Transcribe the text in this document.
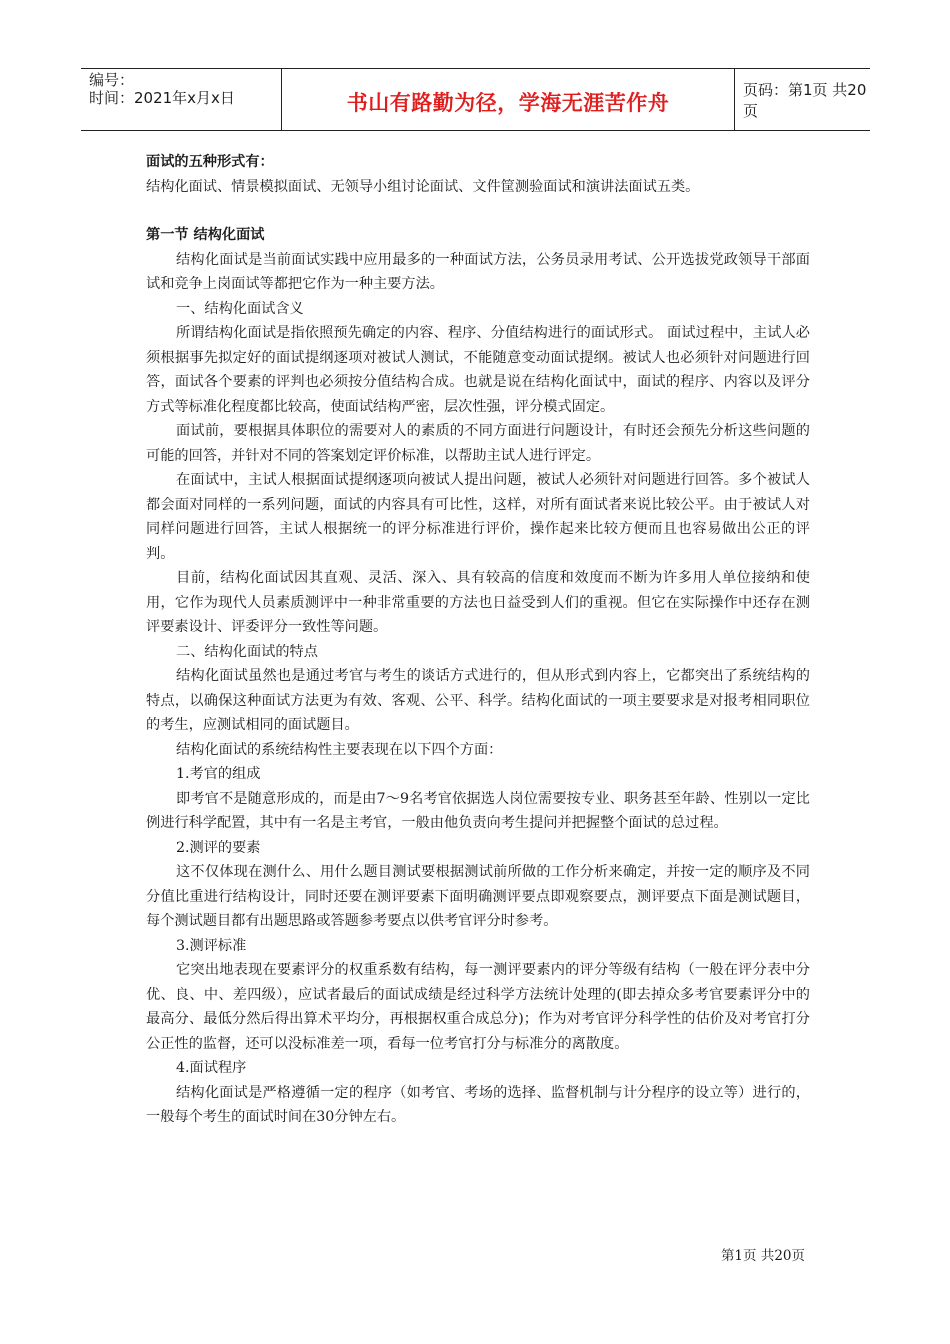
编号：
时间：2021年x月x日	书山有路勤为径，学海无涯苦作舟
页码：第1页 共20页

面试的五种形式有：

结构化面试、情景模拟面试、无领导小组讨论面试、文件筐测验面试和演讲法面试五类。

第一节 结构化面试

结构化面试是当前面试实践中应用最多的一种面试方法，公务员录用考试、公开选拔党政领导干部面试和竞争上岗面试等都把它作为一种主要方法。

一、结构化面试含义

所谓结构化面试是指依照预先确定的内容、程序、分值结构进行的面试形式。 面试过程中，主试人必须根据事先拟定好的面试提纲逐项对被试人测试，不能随意变动面试提纲。被试人也必须针对问题进行回答，面试各个要素的评判也必须按分值结构合成。也就是说在结构化面试中，面试的程序、内容以及评分方式等标准化程度都比较高，使面试结构严密，层次性强，评分模式固定。

面试前，要根据具体职位的需要对人的素质的不同方面进行问题设计，有时还会预先分析这些问题的可能的回答，并针对不同的答案划定评价标准，以帮助主试人进行评定。

在面试中，主试人根据面试提纲逐项向被试人提出问题，被试人必须针对问题进行回答。多个被试人都会面对同样的一系列问题，面试的内容具有可比性，这样，对所有面试者来说比较公平。由于被试人对同样问题进行回答，主试人根据统一的评分标准进行评价，操作起来比较方便而且也容易做出公正的评判。

目前，结构化面试因其直观、灵活、深入、具有较高的信度和效度而不断为许多用人单位接纳和使用，它作为现代人员素质测评中一种非常重要的方法也日益受到人们的重视。但它在实际操作中还存在测评要素设计、评委评分一致性等问题。

二、结构化面试的特点

结构化面试虽然也是通过考官与考生的谈话方式进行的，但从形式到内容上，它都突出了系统结构的特点，以确保这种面试方法更为有效、客观、公平、科学。结构化面试的一项主要要求是对报考相同职位的考生，应测试相同的面试题目。

结构化面试的系统结构性主要表现在以下四个方面：

1.考官的组成

即考官不是随意形成的，而是由7～9名考官依据选人岗位需要按专业、职务甚至年龄、性别以一定比例进行科学配置，其中有一名是主考官，一般由他负责向考生提问并把握整个面试的总过程。

2.测评的要素

这不仅体现在测什么、用什么题目测试要根据测试前所做的工作分析来确定，并按一定的顺序及不同分值比重进行结构设计，同时还要在测评要素下面明确测评要点即观察要点，测评要点下面是测试题目，每个测试题目都有出题思路或答题参考要点以供考官评分时参考。

3.测评标准

它突出地表现在要素评分的权重系数有结构，每一测评要素内的评分等级有结构（一般在评分表中分优、良、中、差四级），应试者最后的面试成绩是经过科学方法统计处理的(即去掉众多考官要素评分中的最高分、最低分然后得出算术平均分，再根据权重合成总分)；作为对考官评分科学性的估价及对考官打分公正性的监督，还可以没标准差一项，看每一位考官打分与标准分的离散度。

4.面试程序

结构化面试是严格遵循一定的程序（如考官、考场的选择、监督机制与计分程序的设立等）进行的，一般每个考生的面试时间在30分钟左右。

第1页 共20页
